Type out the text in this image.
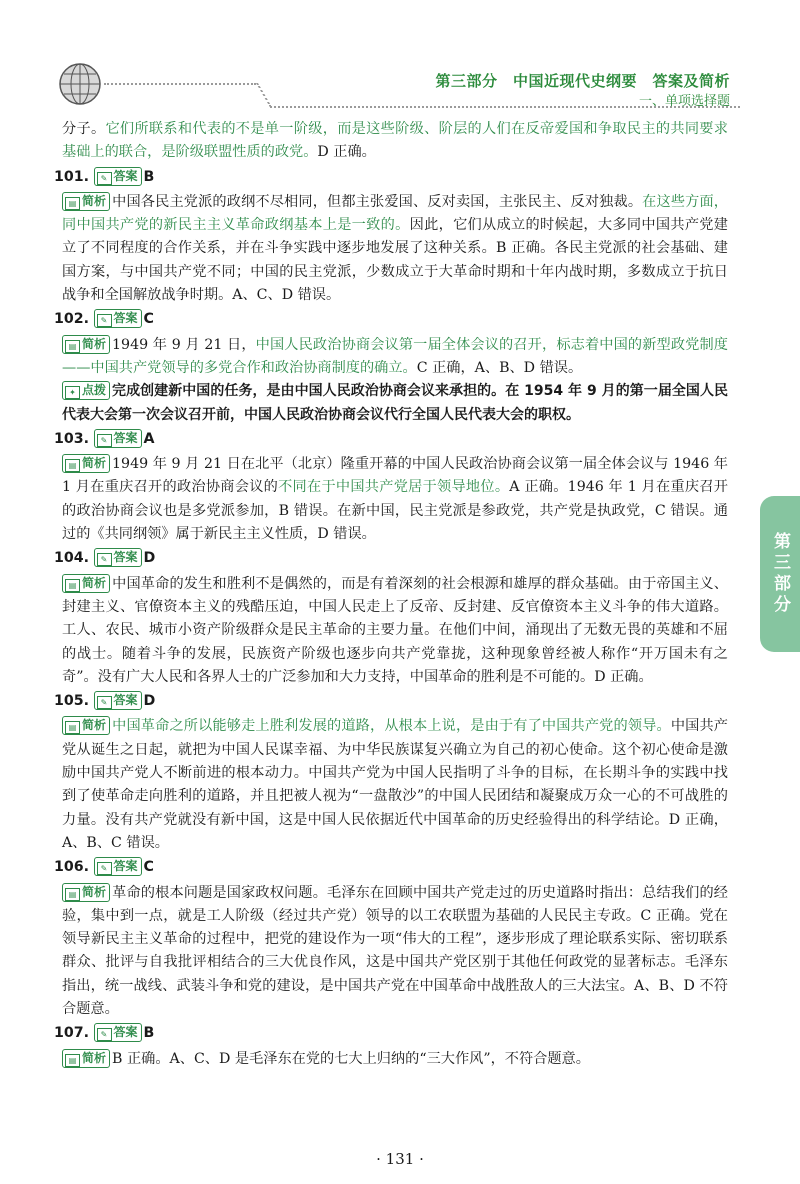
第三部分　中国近现代史纲要　答案及简析
一、单项选择题
第三部分

分子。它们所联系和代表的不是单一阶级，而是这些阶级、阶层的人们在反帝爱国和争取民主的共同要求基础上的联合，是阶级联盟性质的政党。D 正确。

101. ✎ 答案 B

▤ 简析 中国各民主党派的政纲不尽相同，但都主张爱国、反对卖国，主张民主、反对独裁。在这些方面，同中国共产党的新民主主义革命政纲基本上是一致的。因此，它们从成立的时候起，大多同中国共产党建立了不同程度的合作关系，并在斗争实践中逐步地发展了这种关系。B 正确。各民主党派的社会基础、建国方案，与中国共产党不同；中国的民主党派，少数成立于大革命时期和十年内战时期，多数成立于抗日战争和全国解放战争时期。A、C、D 错误。

102. ✎ 答案 C

▤ 简析 1949 年 9 月 21 日，中国人民政治协商会议第一届全体会议的召开，标志着中国的新型政党制度——中国共产党领导的多党合作和政治协商制度的确立。C 正确，A、B、D 错误。

✦ 点拨 完成创建新中国的任务，是由中国人民政治协商会议来承担的。在 1954 年 9 月的第一届全国人民代表大会第一次会议召开前，中国人民政治协商会议代行全国人民代表大会的职权。

103. ✎ 答案 A

▤ 简析 1949 年 9 月 21 日在北平（北京）隆重开幕的中国人民政治协商会议第一届全体会议与 1946 年 1 月在重庆召开的政治协商会议的不同在于中国共产党居于领导地位。A 正确。1946 年 1 月在重庆召开的政治协商会议也是多党派参加，B 错误。在新中国，民主党派是参政党，共产党是执政党，C 错误。通过的《共同纲领》属于新民主主义性质，D 错误。

104. ✎ 答案 D

▤ 简析 中国革命的发生和胜利不是偶然的，而是有着深刻的社会根源和雄厚的群众基础。由于帝国主义、封建主义、官僚资本主义的残酷压迫，中国人民走上了反帝、反封建、反官僚资本主义斗争的伟大道路。工人、农民、城市小资产阶级群众是民主革命的主要力量。在他们中间，涌现出了无数无畏的英雄和不屈的战士。随着斗争的发展，民族资产阶级也逐步向共产党靠拢，这种现象曾经被人称作“开万国未有之奇”。没有广大人民和各界人士的广泛参加和大力支持，中国革命的胜利是不可能的。D 正确。

105. ✎ 答案 D

▤ 简析 中国革命之所以能够走上胜利发展的道路，从根本上说，是由于有了中国共产党的领导。中国共产党从诞生之日起，就把为中国人民谋幸福、为中华民族谋复兴确立为自己的初心使命。这个初心使命是激励中国共产党人不断前进的根本动力。中国共产党为中国人民指明了斗争的目标，在长期斗争的实践中找到了使革命走向胜利的道路，并且把被人视为“一盘散沙”的中国人民团结和凝聚成万众一心的不可战胜的力量。没有共产党就没有新中国，这是中国人民依据近代中国革命的历史经验得出的科学结论。D 正确，A、B、C 错误。

106. ✎ 答案 C

▤ 简析 革命的根本问题是国家政权问题。毛泽东在回顾中国共产党走过的历史道路时指出：总结我们的经验，集中到一点，就是工人阶级（经过共产党）领导的以工农联盟为基础的人民民主专政。C 正确。党在领导新民主主义革命的过程中，把党的建设作为一项“伟大的工程”，逐步形成了理论联系实际、密切联系群众、批评与自我批评相结合的三大优良作风，这是中国共产党区别于其他任何政党的显著标志。毛泽东指出，统一战线、武装斗争和党的建设，是中国共产党在中国革命中战胜敌人的三大法宝。A、B、D 不符合题意。

107. ✎ 答案 B

▤ 简析 B 正确。A、C、D 是毛泽东在党的七大上归纳的“三大作风”，不符合题意。

· 131 ·
